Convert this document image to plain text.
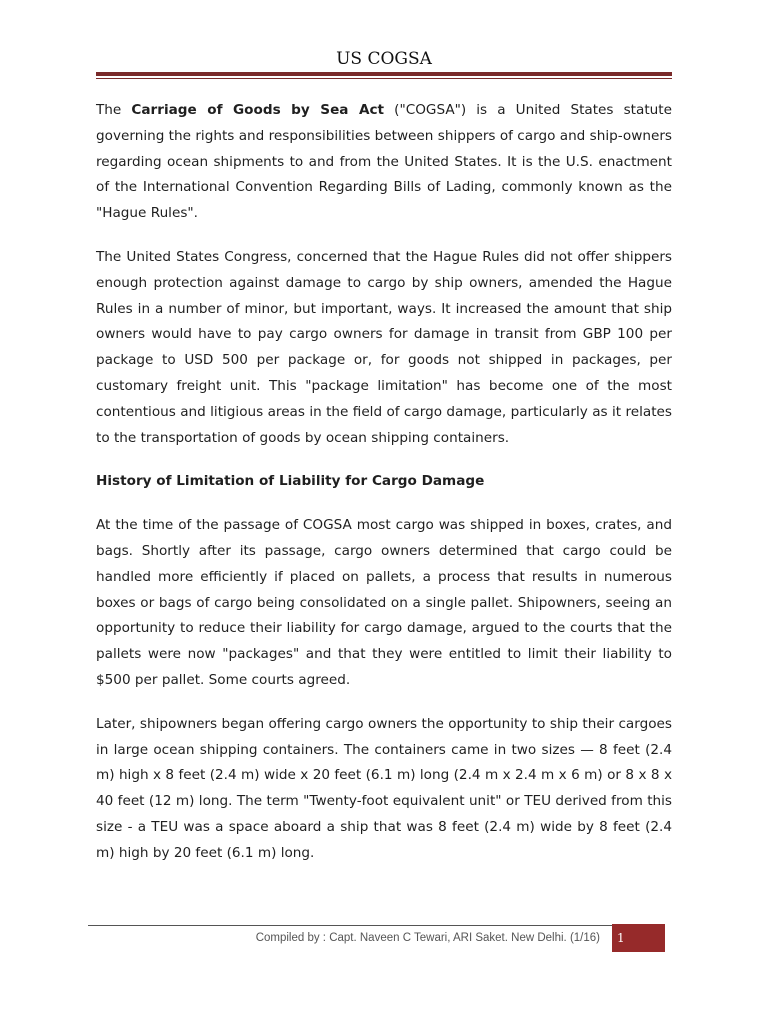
US COGSA

The Carriage of Goods by Sea Act ("COGSA") is a United States statute governing the rights and responsibilities between shippers of cargo and ship-owners regarding ocean shipments to and from the United States. It is the U.S. enactment of the International Convention Regarding Bills of Lading, commonly known as the "Hague Rules".

The United States Congress, concerned that the Hague Rules did not offer shippers enough protection against damage to cargo by ship owners, amended the Hague Rules in a number of minor, but important, ways. It increased the amount that ship owners would have to pay cargo owners for damage in transit from GBP 100 per package to USD 500 per package or, for goods not shipped in packages, per customary freight unit. This "package limitation" has become one of the most contentious and litigious areas in the field of cargo damage, particularly as it relates to the transportation of goods by ocean shipping containers.

History of Limitation of Liability for Cargo Damage

At the time of the passage of COGSA most cargo was shipped in boxes, crates, and bags. Shortly after its passage, cargo owners determined that cargo could be handled more efficiently if placed on pallets, a process that results in numerous boxes or bags of cargo being consolidated on a single pallet. Shipowners, seeing an opportunity to reduce their liability for cargo damage, argued to the courts that the pallets were now "packages" and that they were entitled to limit their liability to $500 per pallet. Some courts agreed.

Later, shipowners began offering cargo owners the opportunity to ship their cargoes in large ocean shipping containers. The containers came in two sizes — 8 feet (2.4 m) high x 8 feet (2.4 m) wide x 20 feet (6.1 m) long (2.4 m x 2.4 m x 6 m) or 8 x 8 x 40 feet (12 m) long. The term "Twenty-foot equivalent unit" or TEU derived from this size - a TEU was a space aboard a ship that was 8 feet (2.4 m) wide by 8 feet (2.4 m) high by 20 feet (6.1 m) long.

Compiled by : Capt. Naveen C Tewari, ARI Saket. New Delhi. (1/16)	1
